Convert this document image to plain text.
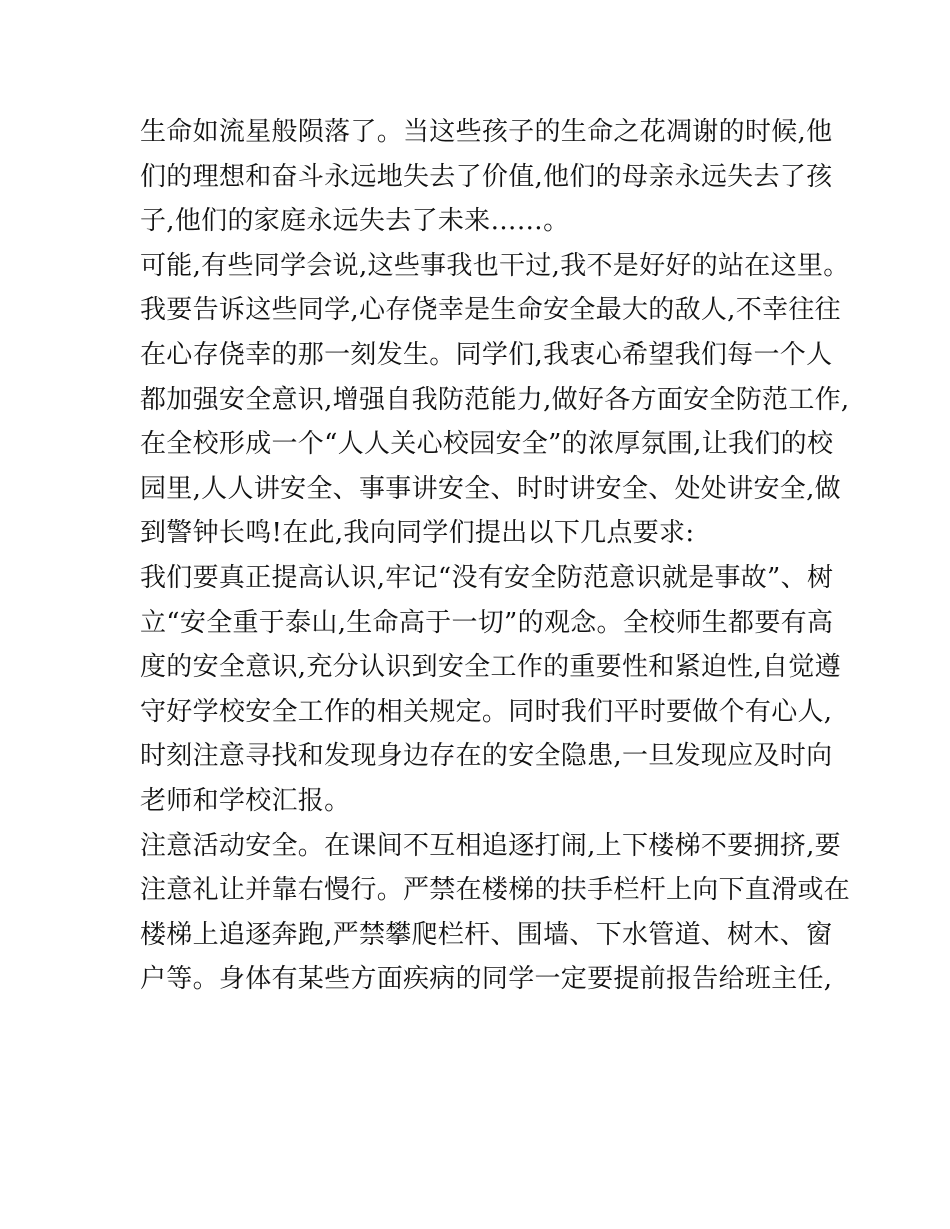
生命如流星般陨落了。当这些孩子的生命之花凋谢的时候,他
们的理想和奋斗永远地失去了价值,他们的母亲永远失去了孩
子,他们的家庭永远失去了未来……。
可能,有些同学会说,这些事我也干过,我不是好好的站在这里。
我要告诉这些同学,心存侥幸是生命安全最大的敌人,不幸往往
在心存侥幸的那一刻发生。同学们,我衷心希望我们每一个人
都加强安全意识,增强自我防范能力,做好各方面安全防范工作,
在全校形成一个“人人关心校园安全”的浓厚氛围,让我们的校
园里,人人讲安全、事事讲安全、时时讲安全、处处讲安全,做
到警钟长鸣!在此,我向同学们提出以下几点要求:
我们要真正提高认识,牢记“没有安全防范意识就是事故”、树
立“安全重于泰山,生命高于一切”的观念。全校师生都要有高
度的安全意识,充分认识到安全工作的重要性和紧迫性,自觉遵
守好学校安全工作的相关规定。同时我们平时要做个有心人,
时刻注意寻找和发现身边存在的安全隐患,一旦发现应及时向
老师和学校汇报。
注意活动安全。在课间不互相追逐打闹,上下楼梯不要拥挤,要
注意礼让并靠右慢行。严禁在楼梯的扶手栏杆上向下直滑或在
楼梯上追逐奔跑,严禁攀爬栏杆、围墙、下水管道、树木、窗
户等。身体有某些方面疾病的同学一定要提前报告给班主任,
